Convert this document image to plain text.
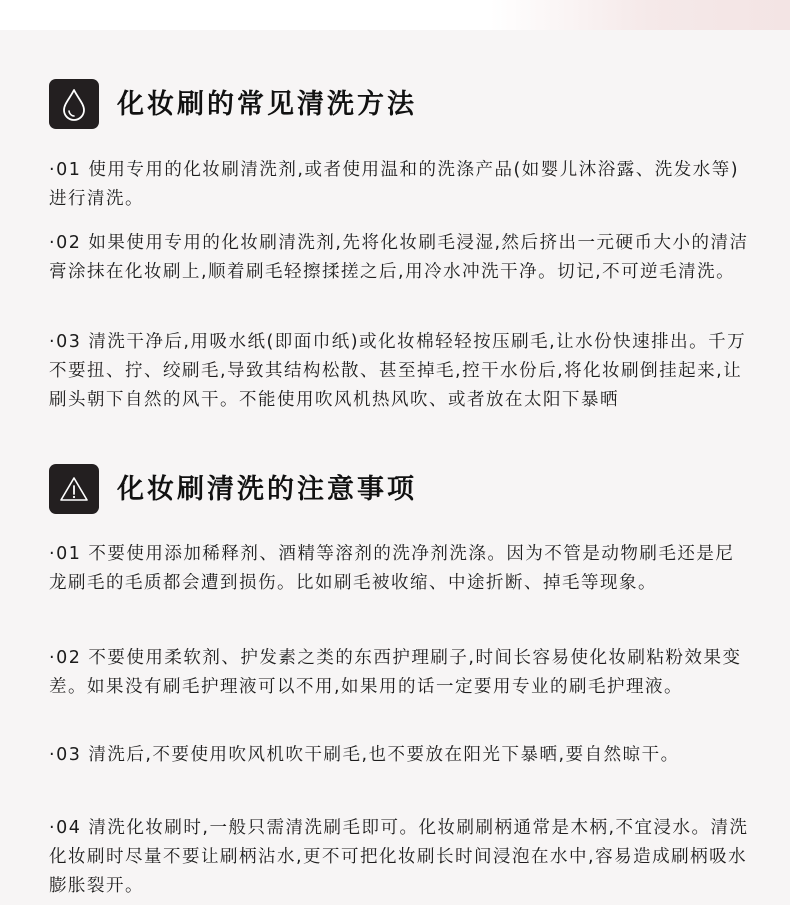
化妆刷的常见清洗方法

·01 使用专用的化妆刷清洗剂,或者使用温和的洗涤产品(如婴儿沐浴露、洗发水等)进行清洗。

·02 如果使用专用的化妆刷清洗剂,先将化妆刷毛浸湿,然后挤出一元硬币大小的清洁膏涂抹在化妆刷上,顺着刷毛轻擦揉搓之后,用冷水冲洗干净。切记,不可逆毛清洗。

·03 清洗干净后,用吸水纸(即面巾纸)或化妆棉轻轻按压刷毛,让水份快速排出。千万不要扭、拧、绞刷毛,导致其结构松散、甚至掉毛,控干水份后,将化妆刷倒挂起来,让刷头朝下自然的风干。不能使用吹风机热风吹、或者放在太阳下暴晒

化妆刷清洗的注意事项

·01 不要使用添加稀释剂、酒精等溶剂的洗净剂洗涤。因为不管是动物刷毛还是尼龙刷毛的毛质都会遭到损伤。比如刷毛被收缩、中途折断、掉毛等现象。

·02 不要使用柔软剂、护发素之类的东西护理刷子,时间长容易使化妆刷粘粉效果变差。如果没有刷毛护理液可以不用,如果用的话一定要用专业的刷毛护理液。

·03 清洗后,不要使用吹风机吹干刷毛,也不要放在阳光下暴晒,要自然晾干。

·04 清洗化妆刷时,一般只需清洗刷毛即可。化妆刷刷柄通常是木柄,不宜浸水。清洗化妆刷时尽量不要让刷柄沾水,更不可把化妆刷长时间浸泡在水中,容易造成刷柄吸水膨胀裂开。
